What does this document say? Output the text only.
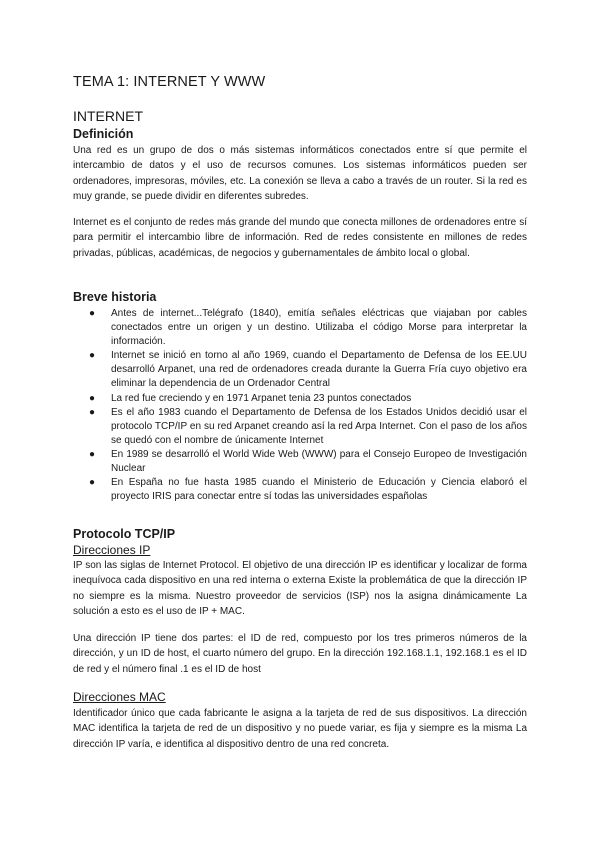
TEMA 1: INTERNET Y WWW
INTERNET
Definición

Una red es un grupo de dos o más sistemas informáticos conectados entre sí que permite el intercambio de datos y el uso de recursos comunes. Los sistemas informáticos pueden ser ordenadores, impresoras, móviles, etc. La conexión se lleva a cabo a través de un router. Si la red es muy grande, se puede dividir en diferentes subredes.

Internet es el conjunto de redes más grande del mundo que conecta millones de ordenadores entre sí para permitir el intercambio libre de información. Red de redes consistente en millones de redes privadas, públicas, académicas, de negocios y gubernamentales de ámbito local o global.

Breve historia
● Antes de internet...Telégrafo (1840), emitía señales eléctricas que viajaban por cables conectados entre un origen y un destino. Utilizaba el código Morse para interpretar la información.
● Internet se inició en torno al año 1969, cuando el Departamento de Defensa de los EE.UU desarrolló Arpanet, una red de ordenadores creada durante la Guerra Fría cuyo objetivo era eliminar la dependencia de un Ordenador Central
● La red fue creciendo y en 1971 Arpanet tenia 23 puntos conectados
● Es el año 1983 cuando el Departamento de Defensa de los Estados Unidos decidió usar el protocolo TCP/IP en su red Arpanet creando así la red Arpa Internet. Con el paso de los años se quedó con el nombre de únicamente Internet
● En 1989 se desarrolló el World Wide Web (WWW) para el Consejo Europeo de Investigación Nuclear
● En España no fue hasta 1985 cuando el Ministerio de Educación y Ciencia elaboró el proyecto IRIS para conectar entre sí todas las universidades españolas
Protocolo TCP/IP

Direcciones IP

IP son las siglas de Internet Protocol. El objetivo de una dirección IP es identificar y localizar de forma inequívoca cada dispositivo en una red interna o externa Existe la problemática de que la dirección IP no siempre es la misma. Nuestro proveedor de servicios (ISP) nos la asigna dinámicamente La solución a esto es el uso de IP + MAC.

Una dirección IP tiene dos partes: el ID de red, compuesto por los tres primeros números de la dirección, y un ID de host, el cuarto número del grupo. En la dirección 192.168.1.1, 192.168.1 es el ID de red y el número final .1 es el ID de host

Direcciones MAC

Identificador único que cada fabricante le asigna a la tarjeta de red de sus dispositivos. La dirección MAC identifica la tarjeta de red de un dispositivo y no puede variar, es fija y siempre es la misma La dirección IP varía, e identifica al dispositivo dentro de una red concreta.
